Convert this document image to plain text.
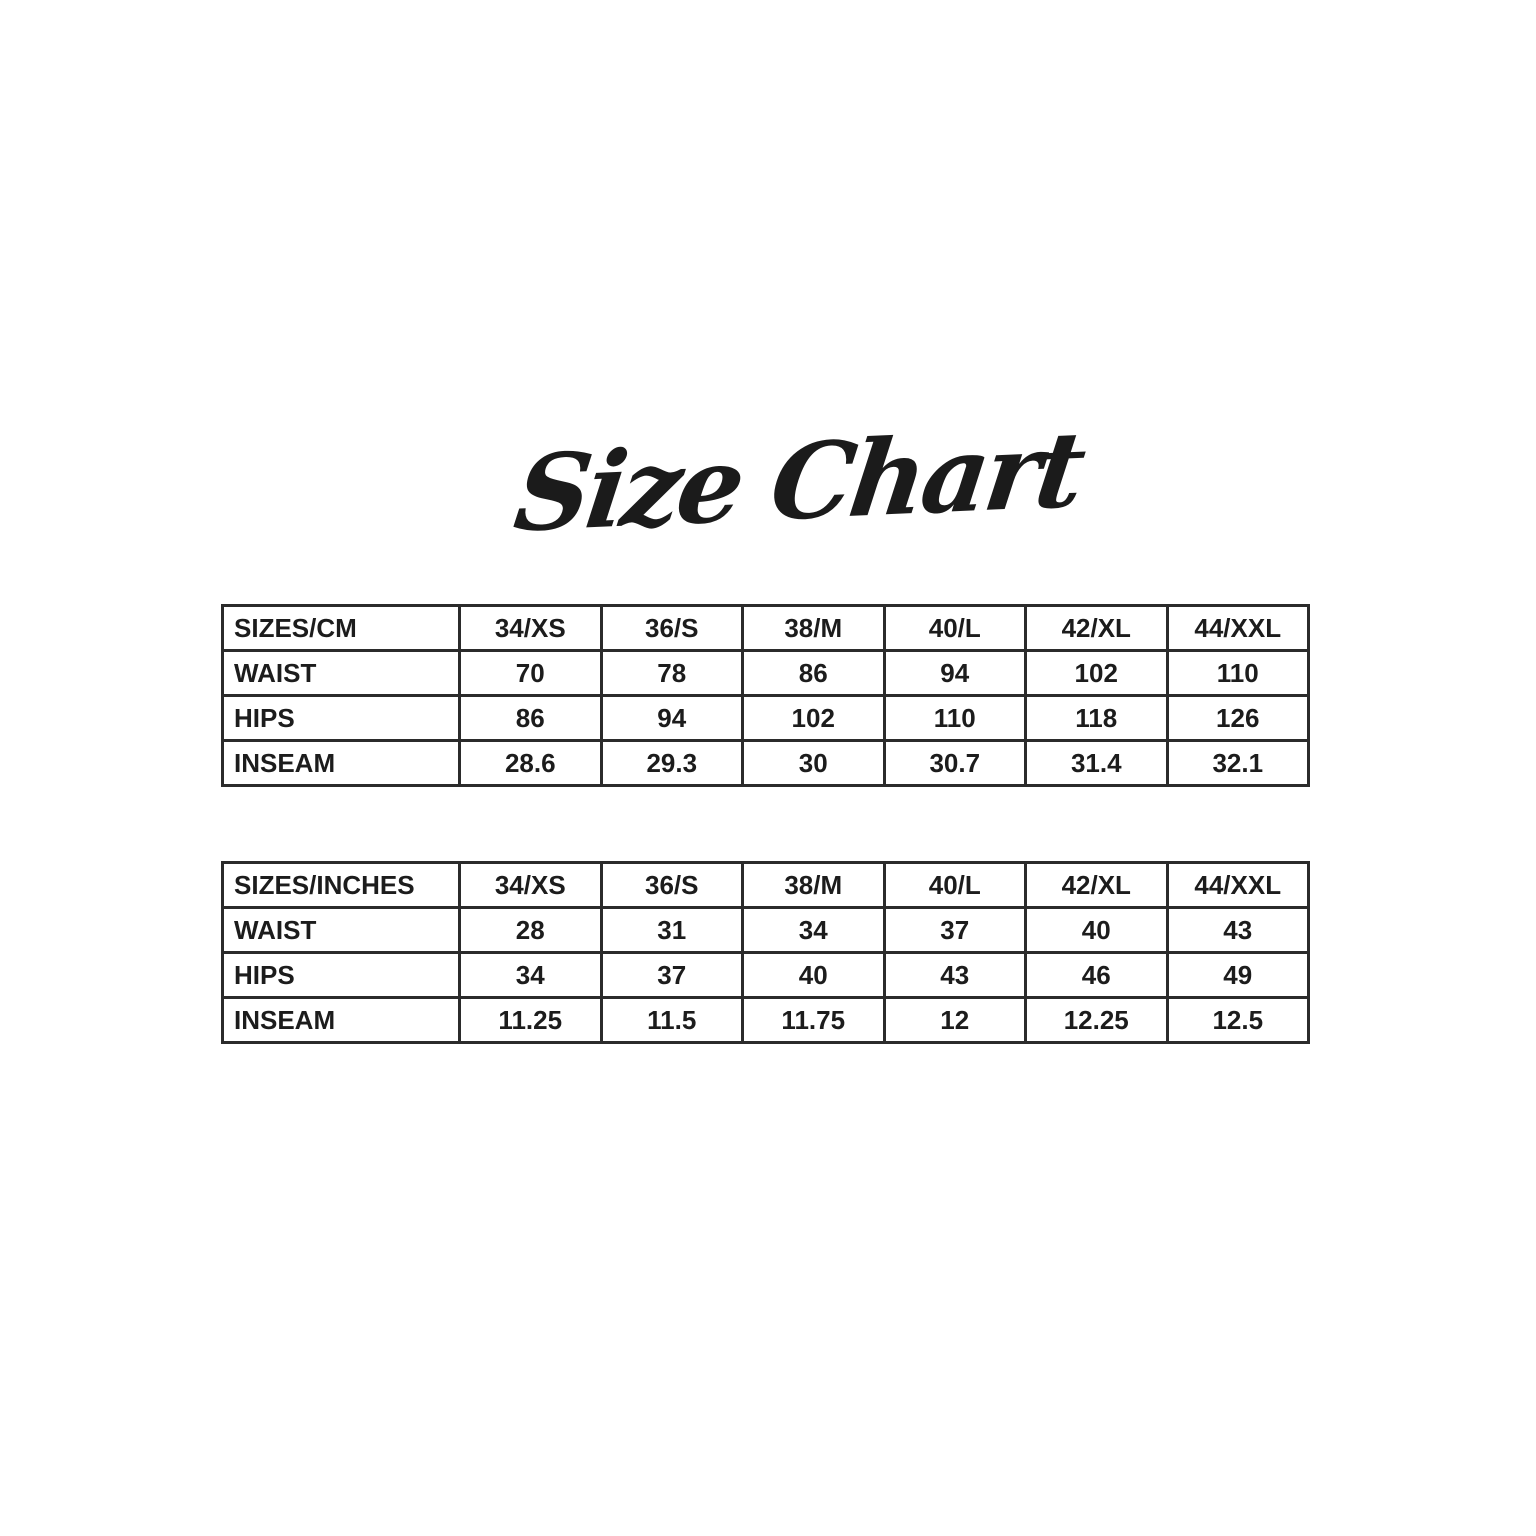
Size Chart
SIZES/CM	34/XS	36/S	38/M	40/L	42/XL	44/XXL
WAIST	70	78	86	94	102	110
HIPS	86	94	102	110	118	126
INSEAM	28.6	29.3	30	30.7	31.4	32.1
SIZES/INCHES	34/XS	36/S	38/M	40/L	42/XL	44/XXL
WAIST	28	31	34	37	40	43
HIPS	34	37	40	43	46	49
INSEAM	11.25	11.5	11.75	12	12.25	12.5
